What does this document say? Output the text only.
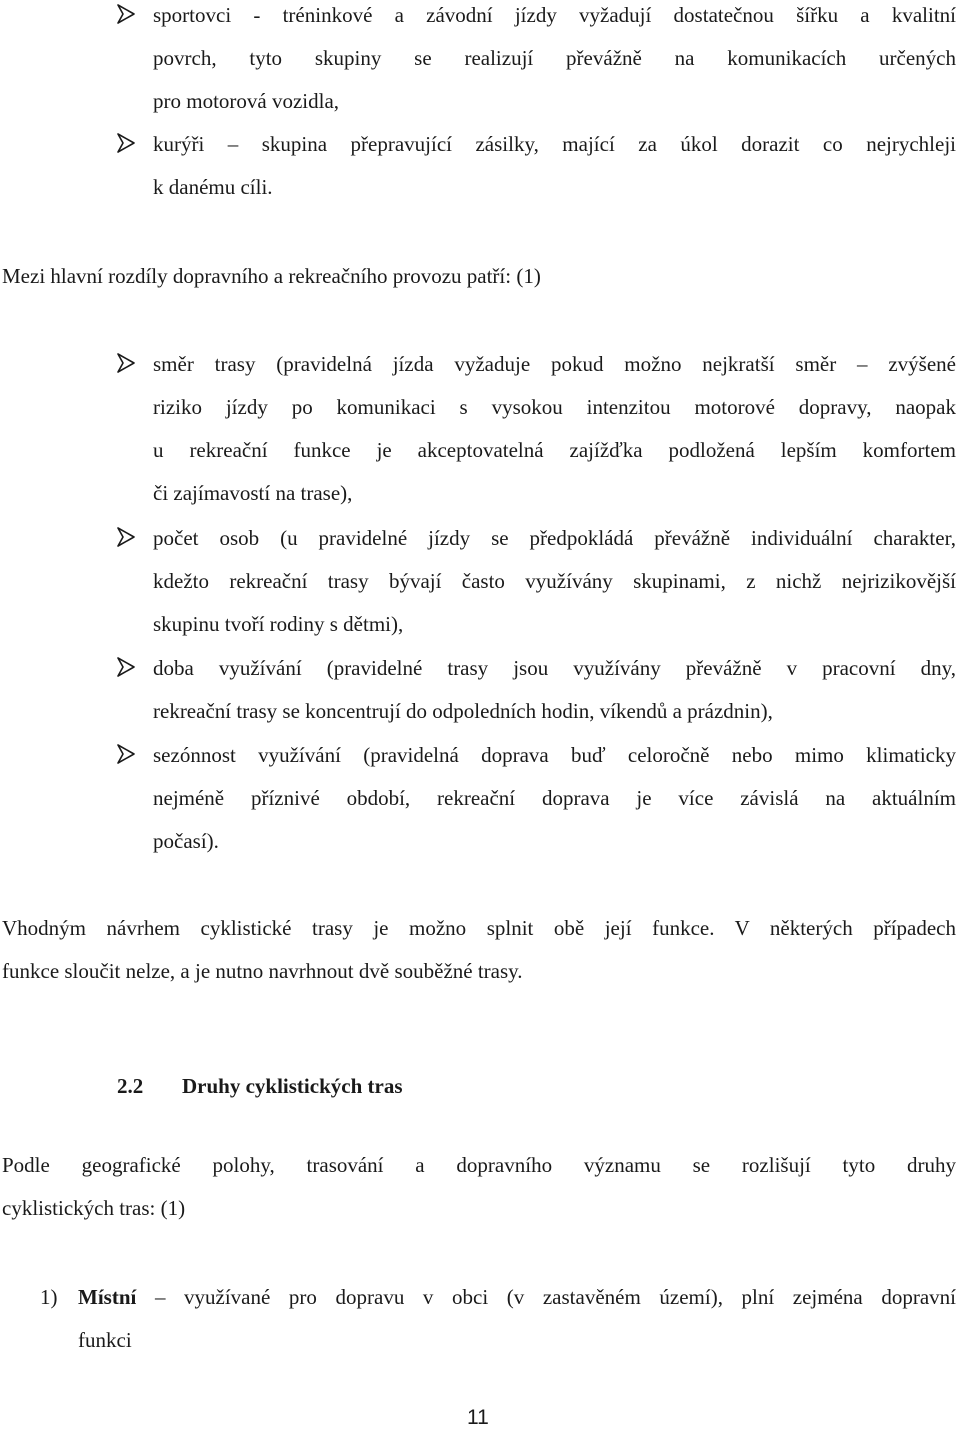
sportovci - tréninkové a závodní jízdy vyžadují dostatečnou šířku a kvalitní
povrch, tyto skupiny se realizují převážně na komunikacích určených
pro motorová vozidla,
kurýři – skupina přepravující zásilky, mající za úkol dorazit co nejrychleji
k danému cíli.
Mezi hlavní rozdíly dopravního a rekreačního provozu patří: (1)
směr trasy (pravidelná jízda vyžaduje pokud možno nejkratší směr – zvýšené
riziko jízdy po komunikaci s vysokou intenzitou motorové dopravy, naopak
u rekreační funkce je akceptovatelná zajížďka podložená lepším komfortem
či zajímavostí na trase),
počet osob (u pravidelné jízdy se předpokládá převážně individuální charakter,
kdežto rekreační trasy bývají často využívány skupinami, z nichž nejrizikovější
skupinu tvoří rodiny s dětmi),
doba využívání (pravidelné trasy jsou využívány převážně v pracovní dny,
rekreační trasy se koncentrují do odpoledních hodin, víkendů a prázdnin),
sezónnost využívání (pravidelná doprava buď celoročně nebo mimo klimaticky
nejméně příznivé období, rekreační doprava je více závislá na aktuálním
počasí).
Vhodným návrhem cyklistické trasy je možno splnit obě její funkce. V některých případech
funkce sloučit nelze, a je nutno navrhnout dvě souběžné trasy.
2.2 Druhy cyklistických tras
Podle geografické polohy, trasování a dopravního významu se rozlišují tyto druhy
cyklistických tras: (1)
1) Místní – využívané pro dopravu v obci (v zastavěném území), plní zejména dopravní
funkci
11
